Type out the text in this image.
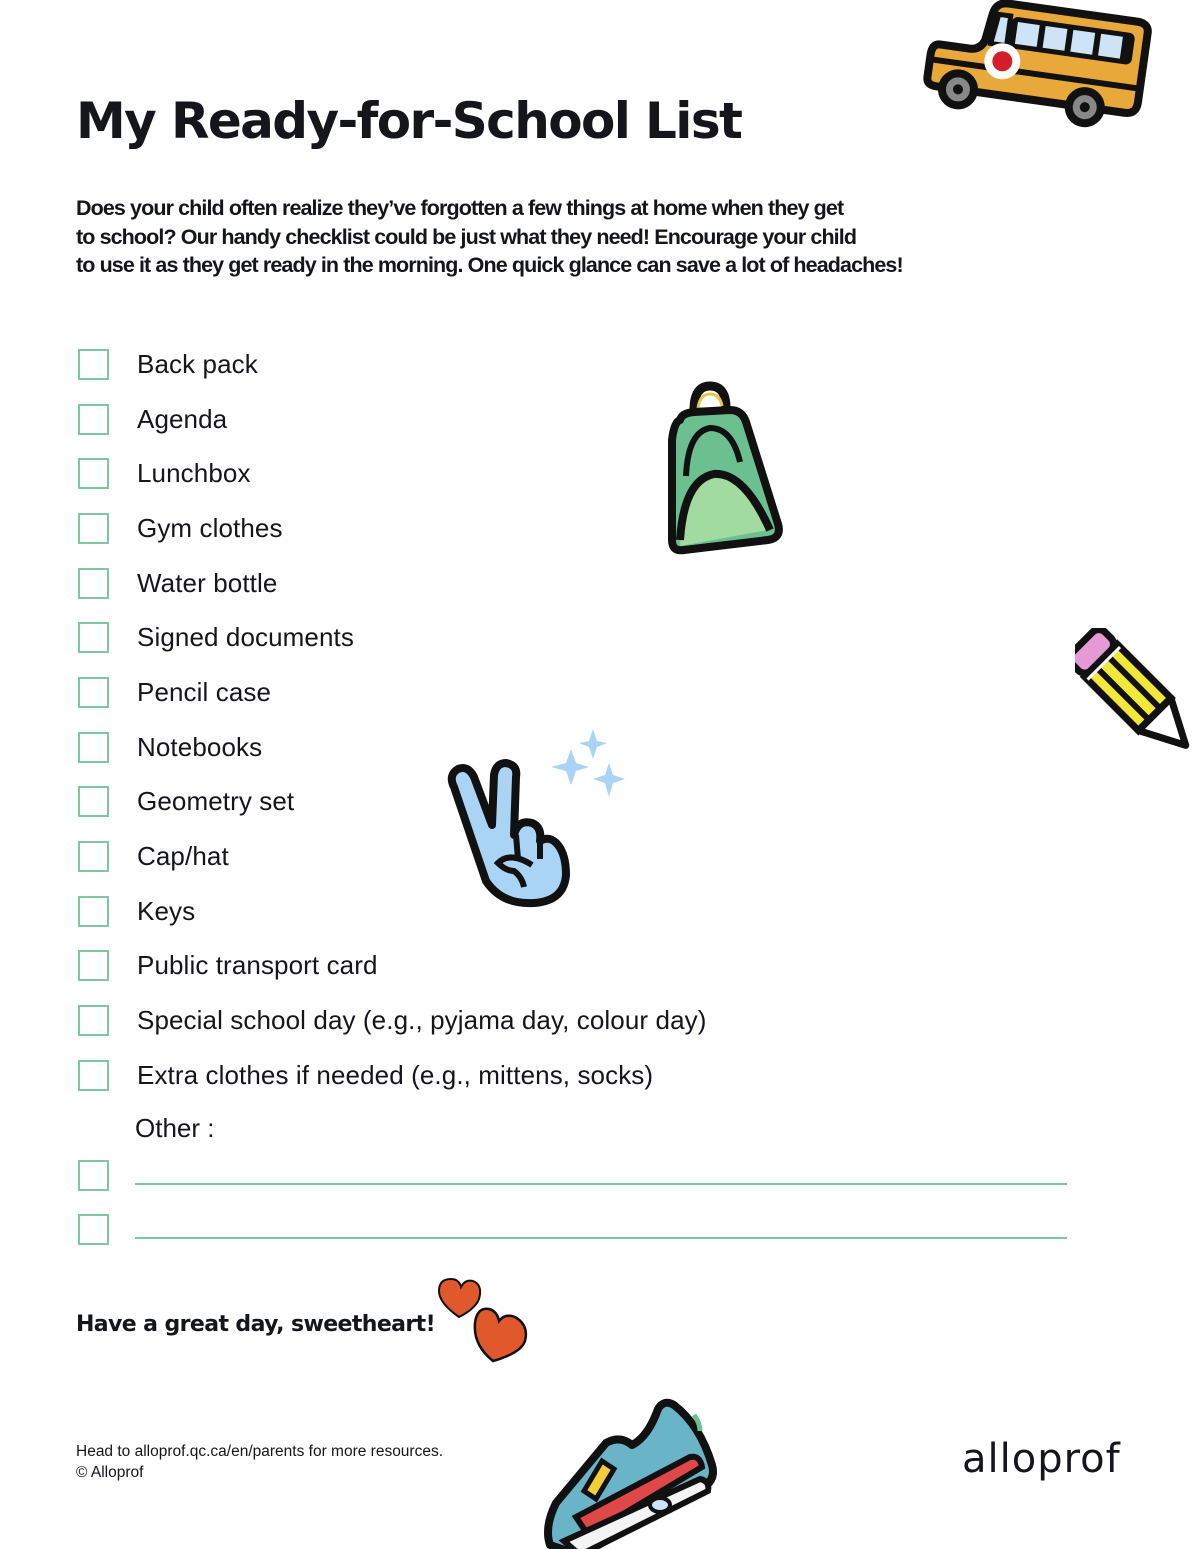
My Ready-for-School List
Does your child often realize they’ve forgotten a few things at home when they get
to school? Our handy checklist could be just what they need! Encourage your child
to use it as they get ready in the morning. One quick glance can save a lot of headaches!
Back pack
Agenda
Lunchbox
Gym clothes
Water bottle
Signed documents
Pencil case
Notebooks
Geometry set
Cap/hat
Keys
Public transport card
Special school day (e.g., pyjama day, colour day)
Extra clothes if needed (e.g., mittens, socks)
Other :
Have a great day, sweetheart!
Head to alloprof.qc.ca/en/parents for more resources.
© Alloprof	alloprof
